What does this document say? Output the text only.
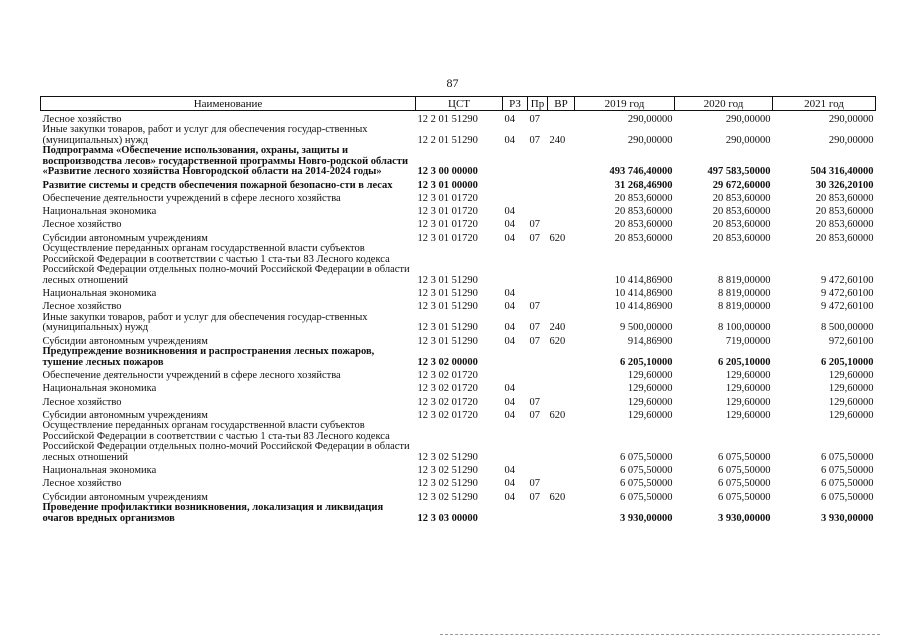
87
Наименование	ЦСТ	РЗ	Пр	ВР	2019 год	2020 год	2021 год
Лесное хозяйство	12 2 01 51290	04	07		290,00000	290,00000	290,00000
Иные закупки товаров, работ и услуг для обеспечения государ-ственных (муниципальных) нужд	12 2 01 51290	04	07	240	290,00000	290,00000	290,00000
Подпрограмма «Обеспечение использования, охраны, защиты и воспроизводства лесов» государственной программы Новго-родской области «Развитие лесного хозяйства Новгородской области на 2014-2024 годы»	12 3 00 00000				493 746,40000	497 583,50000	504 316,40000
Развитие системы и средств обеспечения пожарной безопасно-сти в лесах	12 3 01 00000				31 268,46900	29 672,60000	30 326,20100
Обеспечение деятельности учреждений в сфере лесного хозяйства	12 3 01 01720				20 853,60000	20 853,60000	20 853,60000
Национальная экономика	12 3 01 01720	04			20 853,60000	20 853,60000	20 853,60000
Лесное хозяйство	12 3 01 01720	04	07		20 853,60000	20 853,60000	20 853,60000
Субсидии автономным учреждениям	12 3 01 01720	04	07	620	20 853,60000	20 853,60000	20 853,60000
Осуществление переданных органам государственной власти субъектов Российской Федерации в соответствии с частью 1 ста-тьи 83 Лесного кодекса Российской Федерации отдельных полно-мочий Российской Федерации в области лесных отношений	12 3 01 51290				10 414,86900	8 819,00000	9 472,60100
Национальная экономика	12 3 01 51290	04			10 414,86900	8 819,00000	9 472,60100
Лесное хозяйство	12 3 01 51290	04	07		10 414,86900	8 819,00000	9 472,60100
Иные закупки товаров, работ и услуг для обеспечения государ-ственных (муниципальных) нужд	12 3 01 51290	04	07	240	9 500,00000	8 100,00000	8 500,00000
Субсидии автономным учреждениям	12 3 01 51290	04	07	620	914,86900	719,00000	972,60100
Предупреждение возникновения и распространения лесных пожаров, тушение лесных пожаров	12 3 02 00000				6 205,10000	6 205,10000	6 205,10000
Обеспечение деятельности учреждений в сфере лесного хозяйства	12 3 02 01720				129,60000	129,60000	129,60000
Национальная экономика	12 3 02 01720	04			129,60000	129,60000	129,60000
Лесное хозяйство	12 3 02 01720	04	07		129,60000	129,60000	129,60000
Субсидии автономным учреждениям	12 3 02 01720	04	07	620	129,60000	129,60000	129,60000
Осуществление переданных органам государственной власти субъектов Российской Федерации в соответствии с частью 1 ста-тьи 83 Лесного кодекса Российской Федерации отдельных полно-мочий Российской Федерации в области лесных отношений	12 3 02 51290				6 075,50000	6 075,50000	6 075,50000
Национальная экономика	12 3 02 51290	04			6 075,50000	6 075,50000	6 075,50000
Лесное хозяйство	12 3 02 51290	04	07		6 075,50000	6 075,50000	6 075,50000
Субсидии автономным учреждениям	12 3 02 51290	04	07	620	6 075,50000	6 075,50000	6 075,50000
Проведение профилактики возникновения, локализация и ликвидация очагов вредных организмов	12 3 03 00000				3 930,00000	3 930,00000	3 930,00000
